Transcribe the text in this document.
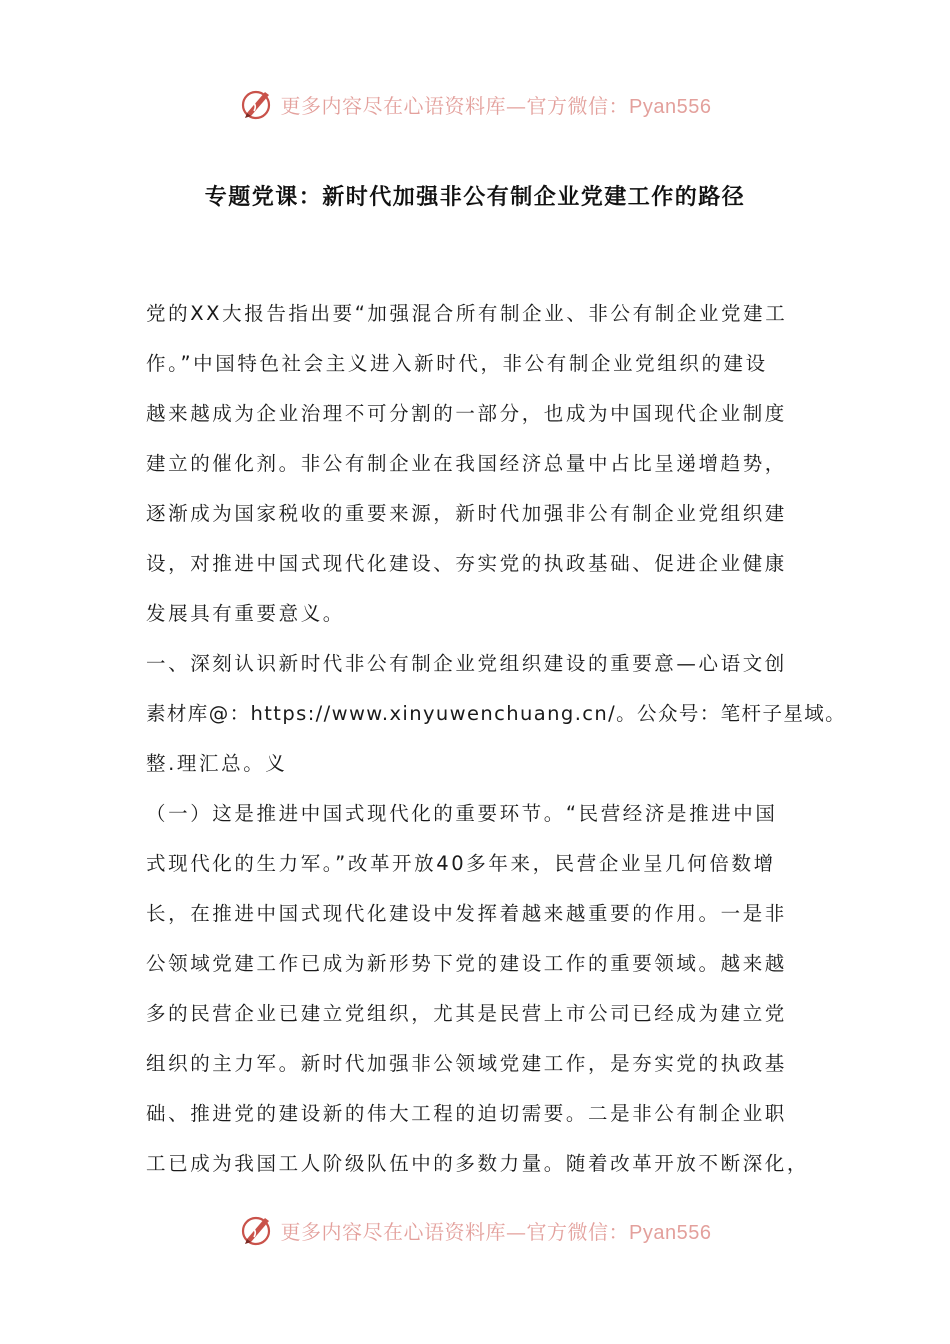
更多内容尽在心语资料库—官方微信：Pyan556
专题党课：新时代加强非公有制企业党建工作的路径
党的XX大报告指出要“加强混合所有制企业、非公有制企业党建工
作。”中国特色社会主义进入新时代，非公有制企业党组织的建设
越来越成为企业治理不可分割的一部分，也成为中国现代企业制度
建立的催化剂。非公有制企业在我国经济总量中占比呈递增趋势，
逐渐成为国家税收的重要来源，新时代加强非公有制企业党组织建
设，对推进中国式现代化建设、夯实党的执政基础、促进企业健康
发展具有重要意义。
一、深刻认识新时代非公有制企业党组织建设的重要意—心语文创
素材库@：https://www.xinyuwenchuang.cn/。公众号：笔杆子星域。
整.理汇总。义
（一）这是推进中国式现代化的重要环节。“民营经济是推进中国
式现代化的生力军。”改革开放40多年来，民营企业呈几何倍数增
长，在推进中国式现代化建设中发挥着越来越重要的作用。一是非
公领域党建工作已成为新形势下党的建设工作的重要领域。越来越
多的民营企业已建立党组织，尤其是民营上市公司已经成为建立党
组织的主力军。新时代加强非公领域党建工作，是夯实党的执政基
础、推进党的建设新的伟大工程的迫切需要。二是非公有制企业职
工已成为我国工人阶级队伍中的多数力量。随着改革开放不断深化，
更多内容尽在心语资料库—官方微信：Pyan556
